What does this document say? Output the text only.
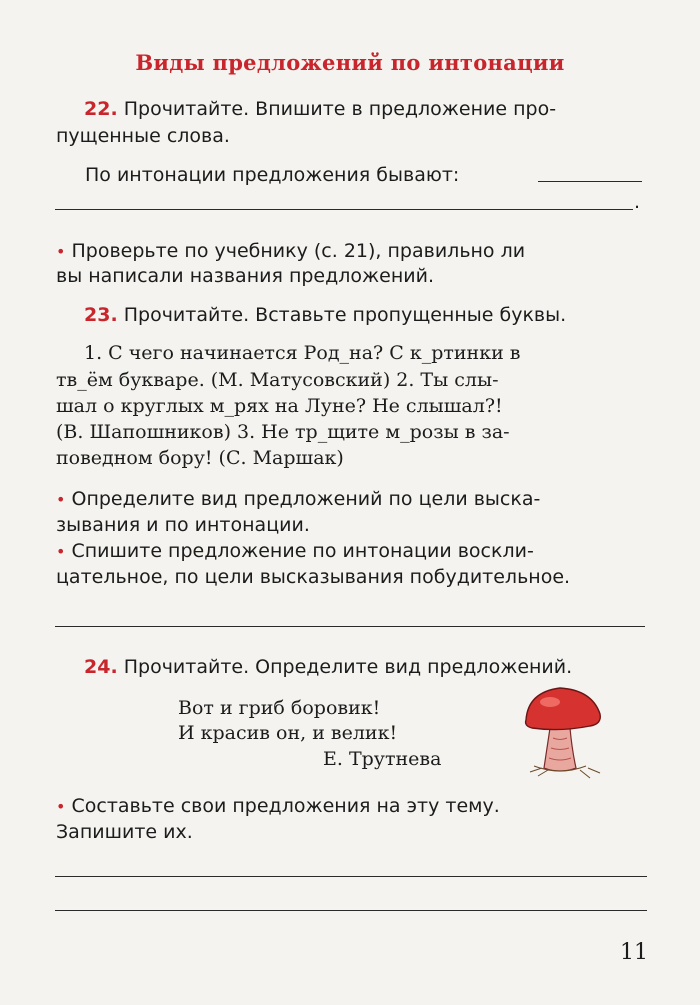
Виды предложений по интонации
22. Прочитайте. Впишите в предложение про-
пущенные слова.
По интонации предложения бывают:
.
• Проверьте по учебнику (с. 21), правильно ли
вы написали названия предложений.
23. Прочитайте. Вставьте пропущенные буквы.
1. С чего начинается Род_на? С к_ртинки в
тв_ём букваре. (М. Матусовский) 2. Ты слы-
шал о круглых м_рях на Луне? Не слышал?!
(В. Шапошников) 3. Не тр_щите м_розы в за-
поведном бору! (С. Маршак)
• Определите вид предложений по цели выска-
зывания и по интонации.
• Спишите предложение по интонации воскли-
цательное, по цели высказывания побудительное.
24. Прочитайте. Определите вид предложений.
Вот и гриб боровик!
И красив он, и велик!
Е. Трутнева
• Составьте свои предложения на эту тему.
Запишите их.
11
